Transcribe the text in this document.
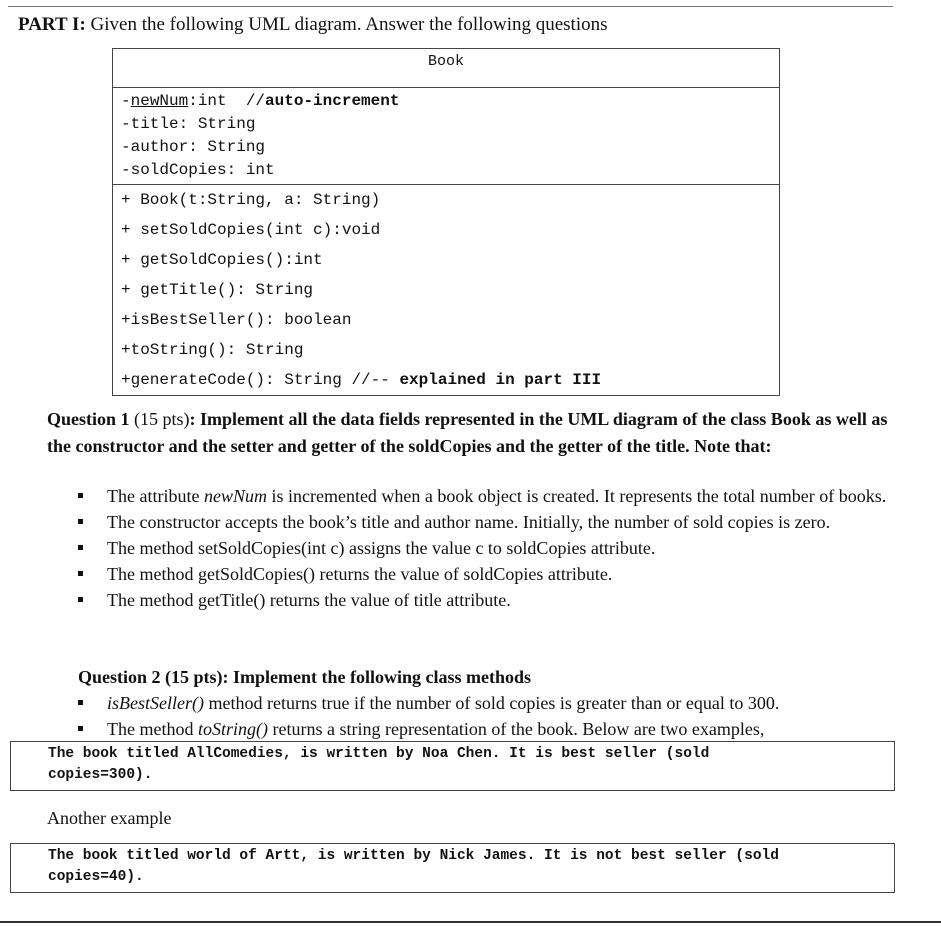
PART I: Given the following UML diagram. Answer the following questions
Book
-newNum:int  //auto-increment
-title: String
-author: String
-soldCopies: int
+ Book(t:String, a: String)
+ setSoldCopies(int c):void
+ getSoldCopies():int
+ getTitle(): String
+isBestSeller(): boolean
+toString(): String
+generateCode(): String //-- explained in part III
Question 1 (15 pts): Implement all the data fields represented in the UML diagram of the class Book as well as the constructor and the setter and getter of the soldCopies and the getter of the title. Note that:
The attribute newNum is incremented when a book object is created. It represents the total number of books.
The constructor accepts the book’s title and author name. Initially, the number of sold copies is zero.
The method setSoldCopies(int c) assigns the value c to soldCopies attribute.
The method getSoldCopies() returns the value of soldCopies attribute.
The method getTitle() returns the value of title attribute.
Question 2 (15 pts): Implement the following class methods
isBestSeller() method returns true if the number of sold copies is greater than or equal to 300.
The method toString() returns a string representation of the book. Below are two examples,
The book titled AllComedies, is written by Noa Chen. It is best seller (sold
copies=300).
Another example
The book titled world of Artt, is written by Nick James. It is not best seller (sold
copies=40).
